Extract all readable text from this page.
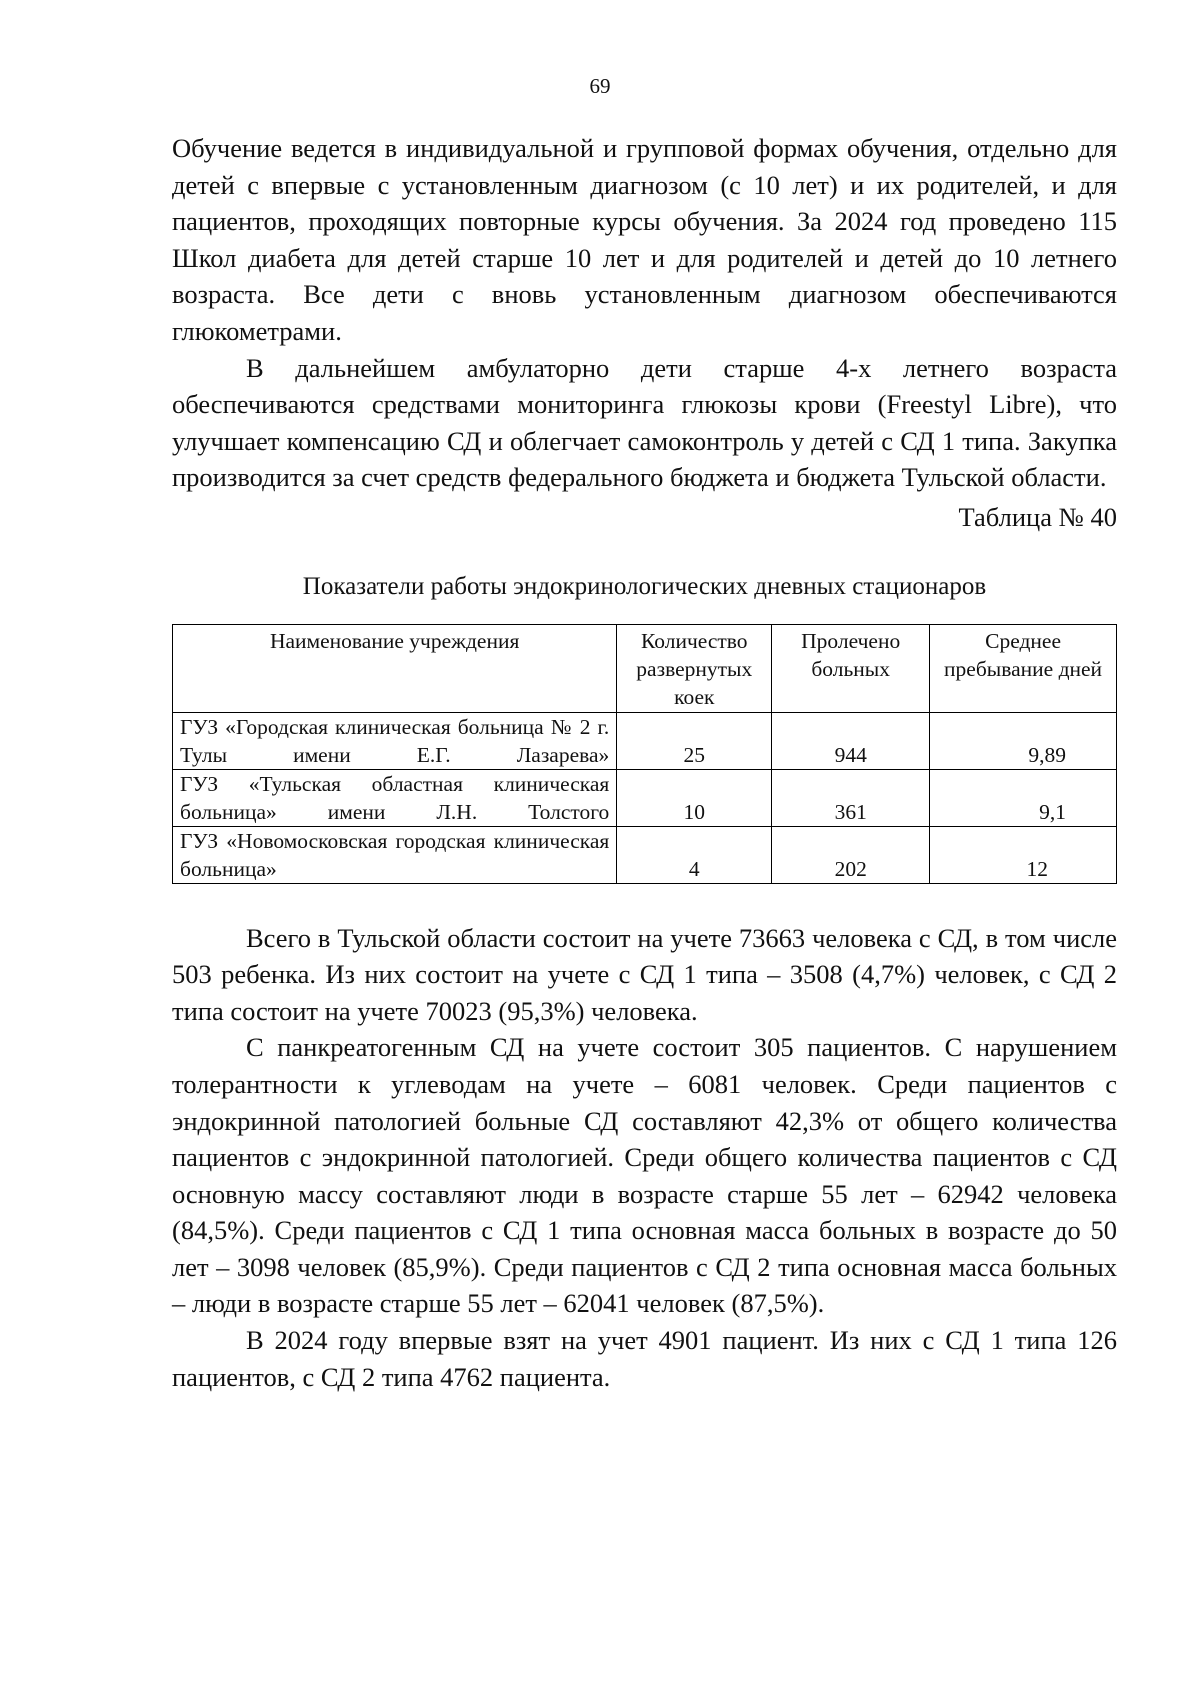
69

Обучение ведется в индивидуальной и групповой формах обучения, отдельно для детей с впервые с установленным диагнозом (с 10 лет) и их родителей, и для пациентов, проходящих повторные курсы обучения. За 2024 год проведено 115 Школ диабета для детей старше 10 лет и для родителей и детей до 10 летнего возраста. Все дети с вновь установленным диагнозом обеспечиваются глюкометрами.

В дальнейшем амбулаторно дети старше 4-х летнего возраста обеспечиваются средствами мониторинга глюкозы крови (Freestyl Libre), что улучшает компенсацию СД и облегчает самоконтроль у детей с СД 1 типа. Закупка производится за счет средств федерального бюджета и бюджета Тульской области.

Таблица № 40

Показатели работы эндокринологических дневных стационаров

Наименование учреждения	Количество развернутых коек	Пролечено больных	Среднее пребывание дней
ГУЗ «Городская клиническая больница № 2 г. Тулы имени Е.Г. Лазарева»	25	944	9,89
ГУЗ «Тульская областная клиническая больница» имени Л.Н. Толстого	10	361	9,1
ГУЗ «Новомосковская городская клиническая больница»	4	202	12

Всего в Тульской области состоит на учете 73663 человека с СД, в том числе 503 ребенка. Из них состоит на учете с СД 1 типа – 3508 (4,7%) человек, с СД 2 типа состоит на учете 70023 (95,3%) человека.

С панкреатогенным СД на учете состоит 305 пациентов. С нарушением толерантности к углеводам на учете – 6081 человек. Среди пациентов с эндокринной патологией больные СД составляют 42,3% от общего количества пациентов с эндокринной патологией. Среди общего количества пациентов с СД основную массу составляют люди в возрасте старше 55 лет – 62942 человека (84,5%). Среди пациентов с СД 1 типа основная масса больных в возрасте до 50 лет – 3098 человек (85,9%). Среди пациентов с СД 2 типа основная масса больных – люди в возрасте старше 55 лет – 62041 человек (87,5%).

В 2024 году впервые взят на учет 4901 пациент. Из них с СД 1 типа 126 пациентов, с СД 2 типа 4762 пациента.
